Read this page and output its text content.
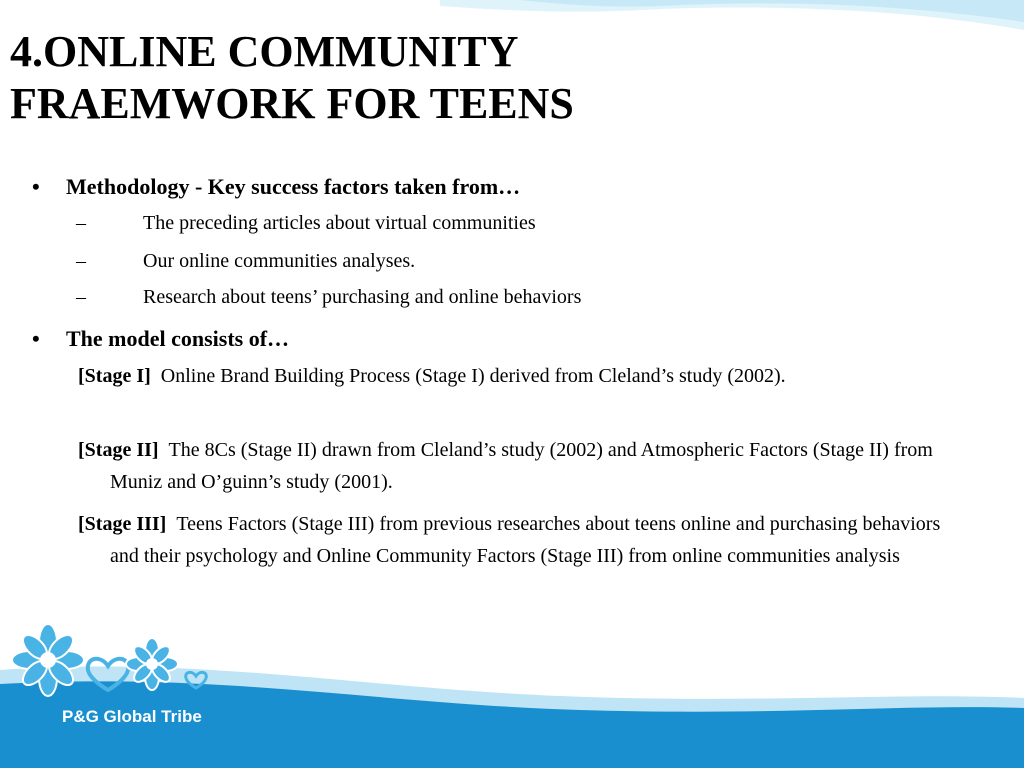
4.ONLINE COMMUNITY
FRAEMWORK FOR TEENS
• Methodology - Key success factors taken from…
–	The preceding articles about virtual communities
–	Our online communities analyses.
–	Research about teens’ purchasing and online behaviors
• The model consists of…
[Stage I] Online Brand Building Process (Stage I) derived from Cleland’s study (2002).
[Stage II] The 8Cs (Stage II) drawn from Cleland’s study (2002) and Atmospheric Factors (Stage II) from Muniz and O’guinn’s study (2001).
[Stage III] Teens Factors (Stage III) from previous researches about teens online and purchasing behaviors and their psychology and Online Community Factors (Stage III) from online communities analysis
P&G Global Tribe
